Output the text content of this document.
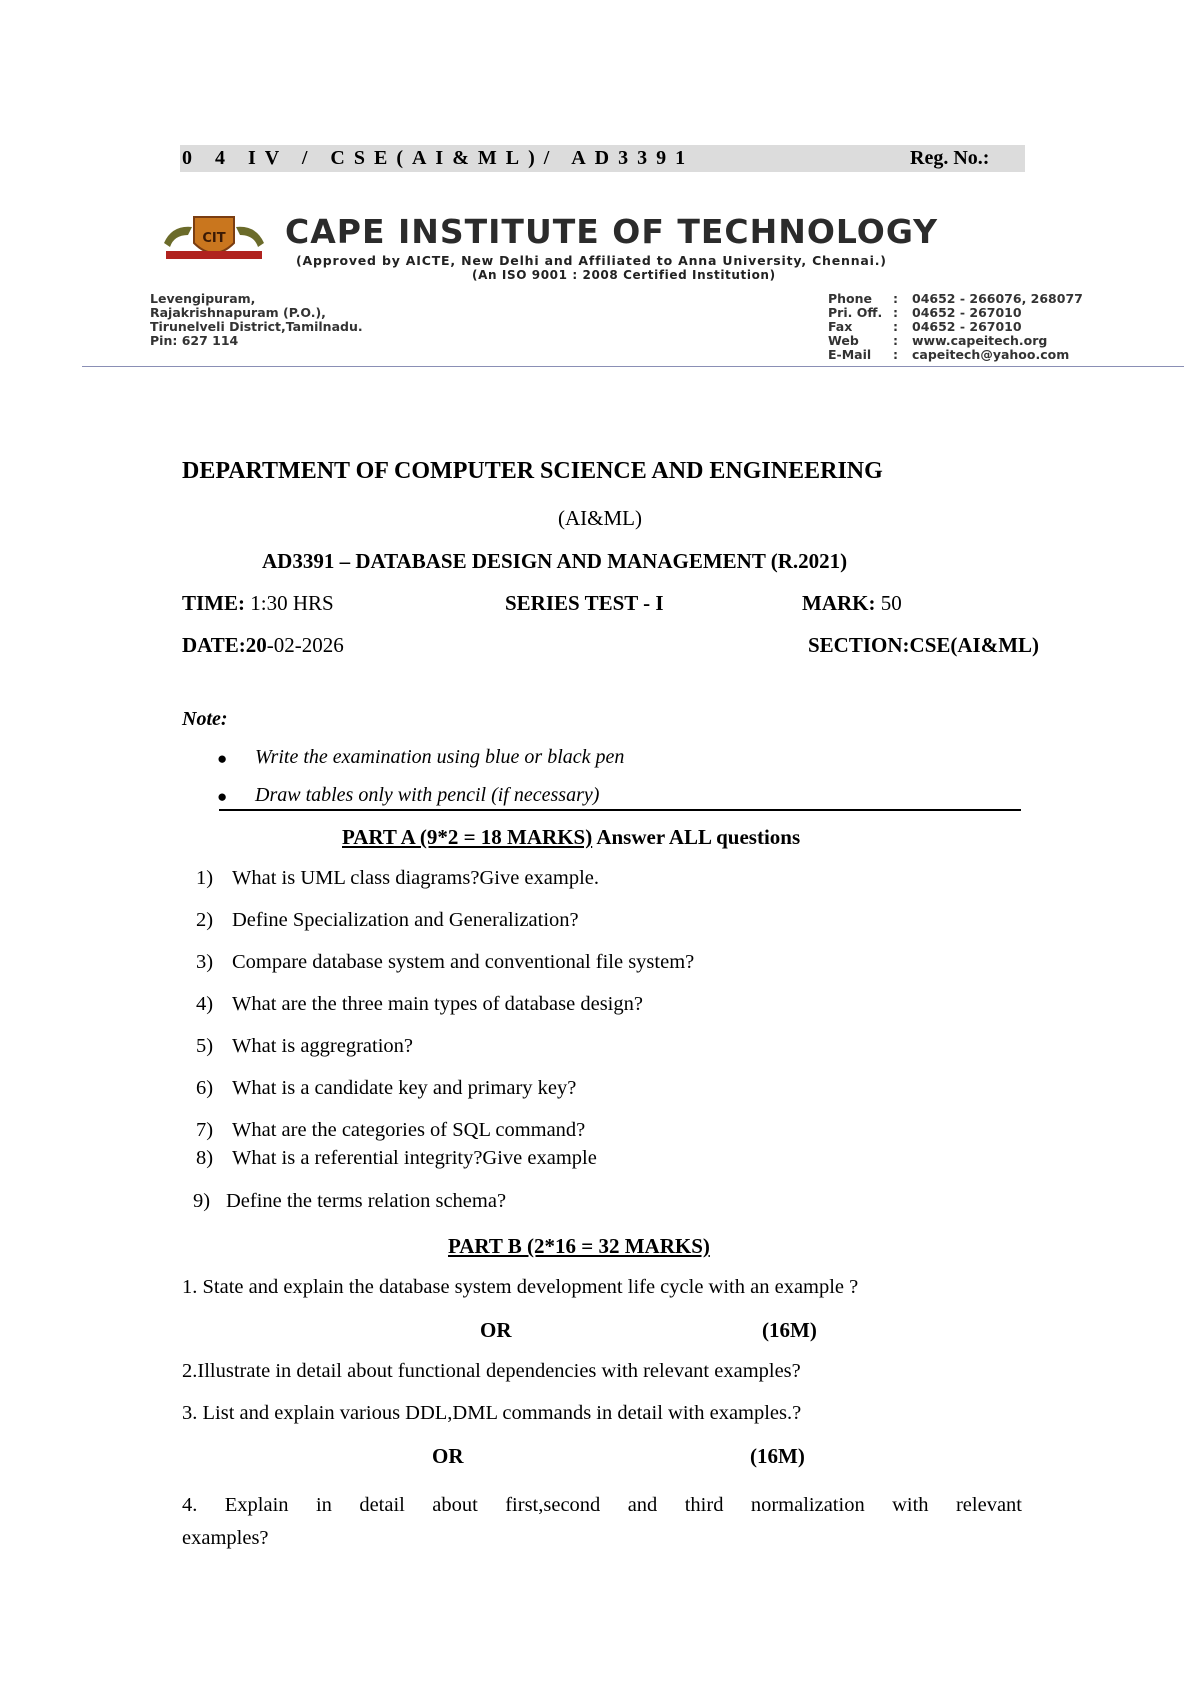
0 4 IV / CSE(AI&ML)/ AD3391	Reg. No.:
CIT CAPE INSTITUTE OF TECHNOLOGY
(Approved by AICTE, New Delhi and Affiliated to Anna University, Chennai.)
(An ISO 9001 : 2008 Certified Institution)
Levengipuram,
Rajakrishnapuram (P.O.),
Tirunelveli District,Tamilnadu.
Pin: 627 114
Phone : 04652 - 266076, 268077
Pri. Off. : 04652 - 267010
Fax	: 04652 - 267010
Web	: www.capeitech.org
E-Mail : capeitech@yahoo.com
DEPARTMENT OF COMPUTER SCIENCE AND ENGINEERING
(AI&ML)
AD3391 – DATABASE DESIGN AND MANAGEMENT (R.2021)
TIME: 1:30 HRS	SERIES TEST - I	MARK: 50
DATE:20-02-2026	SECTION:CSE(AI&ML)
Note:
● Write the examination using blue or black pen
● Draw tables only with pencil (if necessary)
PART A (9*2 = 18 MARKS) Answer ALL questions
1) What is UML class diagrams?Give example.
2) Define Specialization and Generalization?
3) Compare database system and conventional file system?
4) What are the three main types of database design?
5) What is aggregration?
6) What is a candidate key and primary key?
7) What are the categories of SQL command?
8) What is a referential integrity?Give example
9) Define the terms relation schema?
PART B (2*16 = 32 MARKS)
1. State and explain the database system development life cycle with an example ?
OR	(16M)
2.Illustrate in detail about functional dependencies with relevant examples?
3. List and explain various DDL,DML commands in detail with examples.?
OR	(16M)
4. Explain in detail about first,second and third normalization with relevant
examples?
